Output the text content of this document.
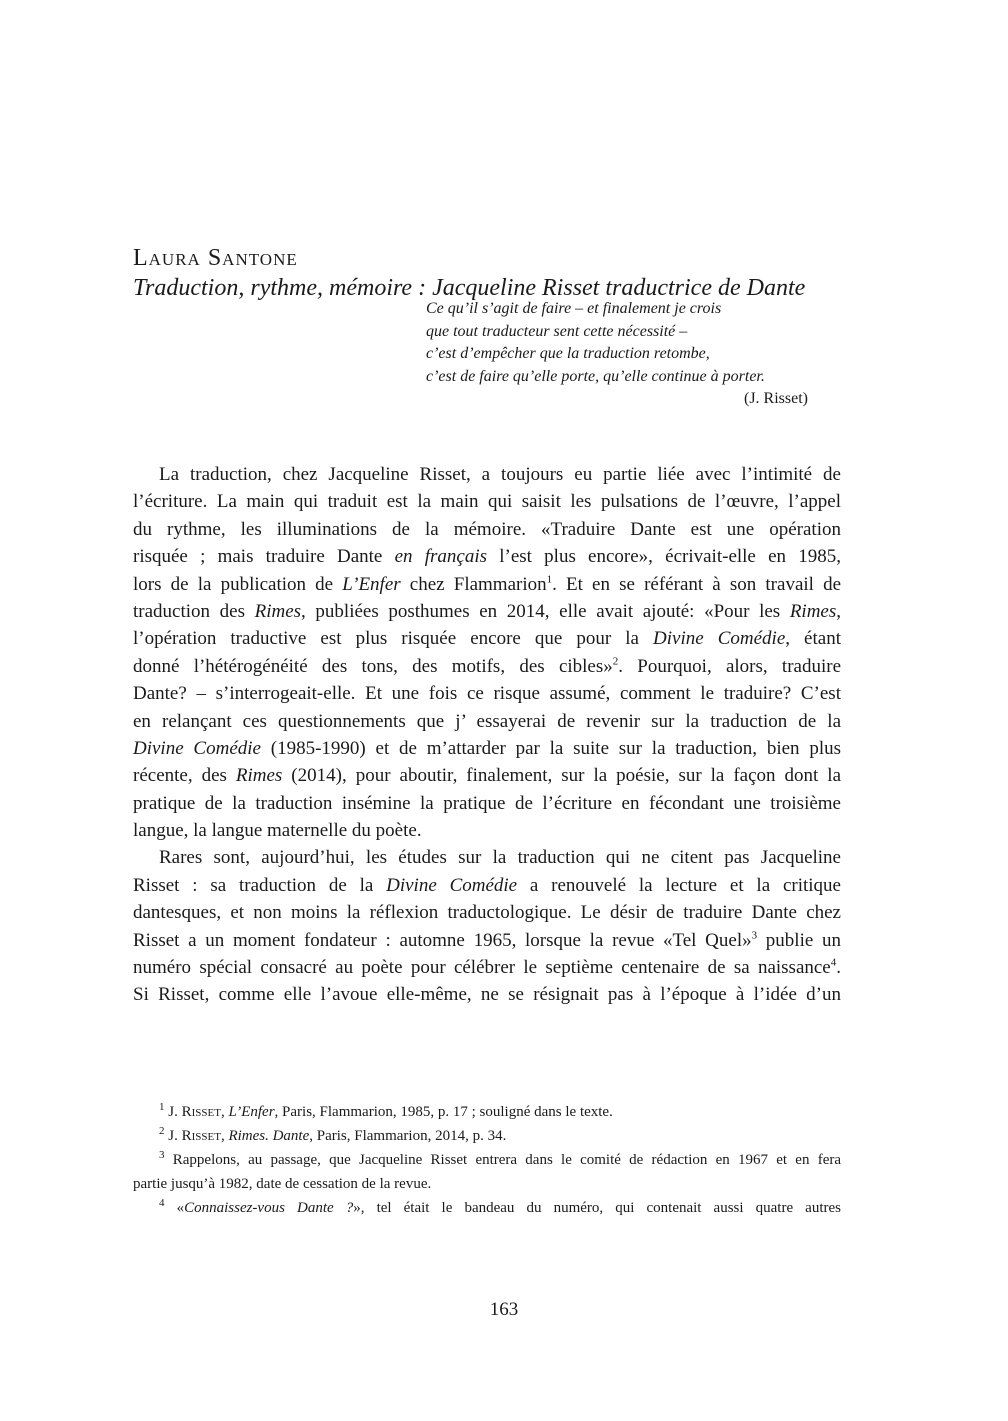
Laura Santone
Traduction, rythme, mémoire : Jacqueline Risset traductrice de Dante
Ce qu’il s’agit de faire – et finalement je crois
que tout traducteur sent cette nécessité –
c’est d’empêcher que la traduction retombe,
c’est de faire qu’elle porte, qu’elle continue à porter.
(J. Risset)
La traduction, chez Jacqueline Risset, a toujours eu partie liée avec l’intimité de
l’écriture. La main qui traduit est la main qui saisit les pulsations de l’œuvre, l’appel
du rythme, les illuminations de la mémoire. «Traduire Dante est une opération
risquée ; mais traduire Dante en français l’est plus encore», écrivait-elle en 1985,
lors de la publication de L’Enfer chez Flammarion$^1$. Et en se référant à son travail de
traduction des Rimes, publiées posthumes en 2014, elle avait ajouté: «Pour les Rimes,
l’opération traductive est plus risquée encore que pour la Divine Comédie, étant
donné l’hétérogénéité des tons, des motifs, des cibles»$^2$. Pourquoi, alors, traduire
Dante? – s’interrogeait-elle. Et une fois ce risque assumé, comment le traduire? C’est
en relançant ces questionnements que j’ essayerai de revenir sur la traduction de la
Divine Comédie (1985-1990) et de m’attarder par la suite sur la traduction, bien plus
récente, des Rimes (2014), pour aboutir, finalement, sur la poésie, sur la façon dont la
pratique de la traduction insémine la pratique de l’écriture en fécondant une troisième
langue, la langue maternelle du poète.
Rares sont, aujourd’hui, les études sur la traduction qui ne citent pas Jacqueline
Risset : sa traduction de la Divine Comédie a renouvelé la lecture et la critique
dantesques, et non moins la réflexion traductologique. Le désir de traduire Dante chez
Risset a un moment fondateur : automne 1965, lorsque la revue «Tel Quel»$^3$ publie un
numéro spécial consacré au poète pour célébrer le septième centenaire de sa naissance$^4$.
Si Risset, comme elle l’avoue elle-même, ne se résignait pas à l’époque à l’idée d’un
$^1$ J. Risset, L’Enfer, Paris, Flammarion, 1985, p. 17 ; souligné dans le texte.
$^2$ J. Risset, Rimes. Dante, Paris, Flammarion, 2014, p. 34.
$^3$ Rappelons, au passage, que Jacqueline Risset entrera dans le comité de rédaction en 1967 et en fera
partie jusqu’à 1982, date de cessation de la revue.
$^4$ «Connaissez-vous Dante ?», tel était le bandeau du numéro, qui contenait aussi quatre autres
163
